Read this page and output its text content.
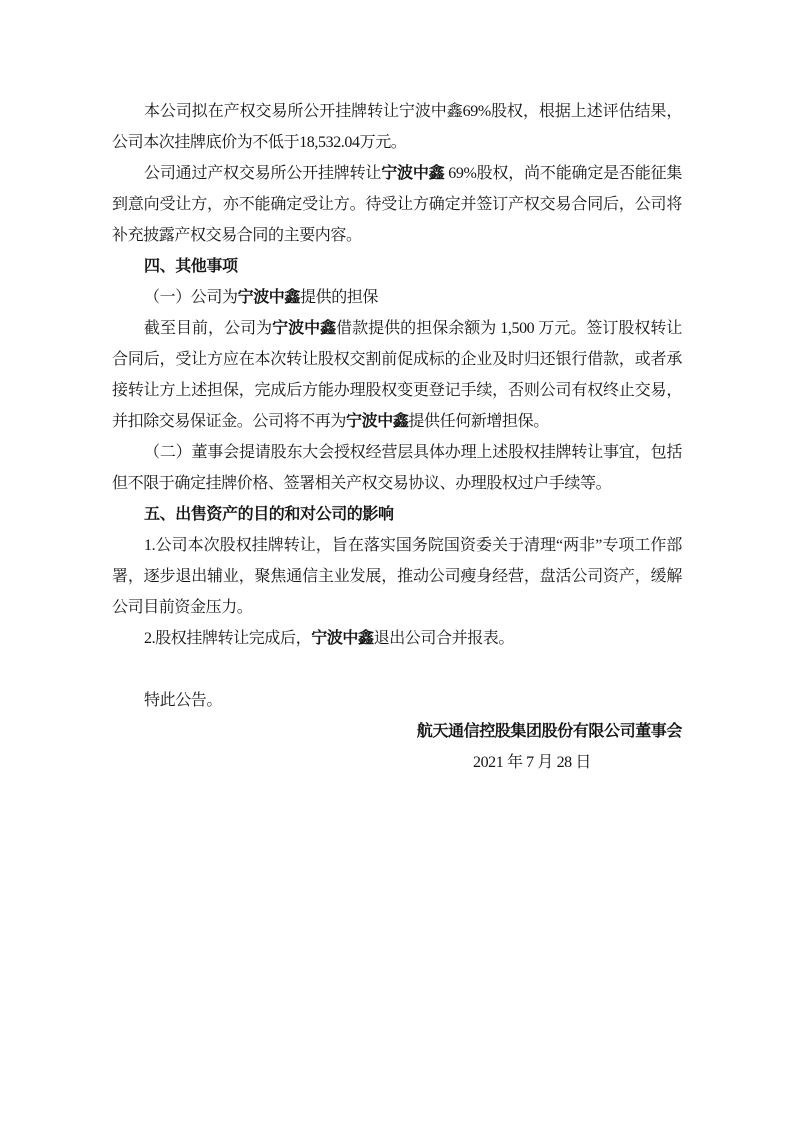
本公司拟在产权交易所公开挂牌转让宁波中鑫69%股权，根据上述评估结果，公司本次挂牌底价为不低于18,532.04万元。

公司通过产权交易所公开挂牌转让宁波中鑫 69%股权，尚不能确定是否能征集到意向受让方，亦不能确定受让方。待受让方确定并签订产权交易合同后，公司将补充披露产权交易合同的主要内容。

四、其他事项

（一）公司为宁波中鑫提供的担保

截至目前，公司为宁波中鑫借款提供的担保余额为 1,500 万元。签订股权转让合同后，受让方应在本次转让股权交割前促成标的企业及时归还银行借款，或者承接转让方上述担保，完成后方能办理股权变更登记手续，否则公司有权终止交易，并扣除交易保证金。公司将不再为宁波中鑫提供任何新增担保。

（二）董事会提请股东大会授权经营层具体办理上述股权挂牌转让事宜，包括但不限于确定挂牌价格、签署相关产权交易协议、办理股权过户手续等。

五、出售资产的目的和对公司的影响

1.公司本次股权挂牌转让，旨在落实国务院国资委关于清理“两非”专项工作部署，逐步退出辅业，聚焦通信主业发展，推动公司瘦身经营，盘活公司资产，缓解公司目前资金压力。

2.股权挂牌转让完成后，宁波中鑫退出公司合并报表。

特此公告。

航天通信控股集团股份有限公司董事会

2021 年 7 月 28 日
